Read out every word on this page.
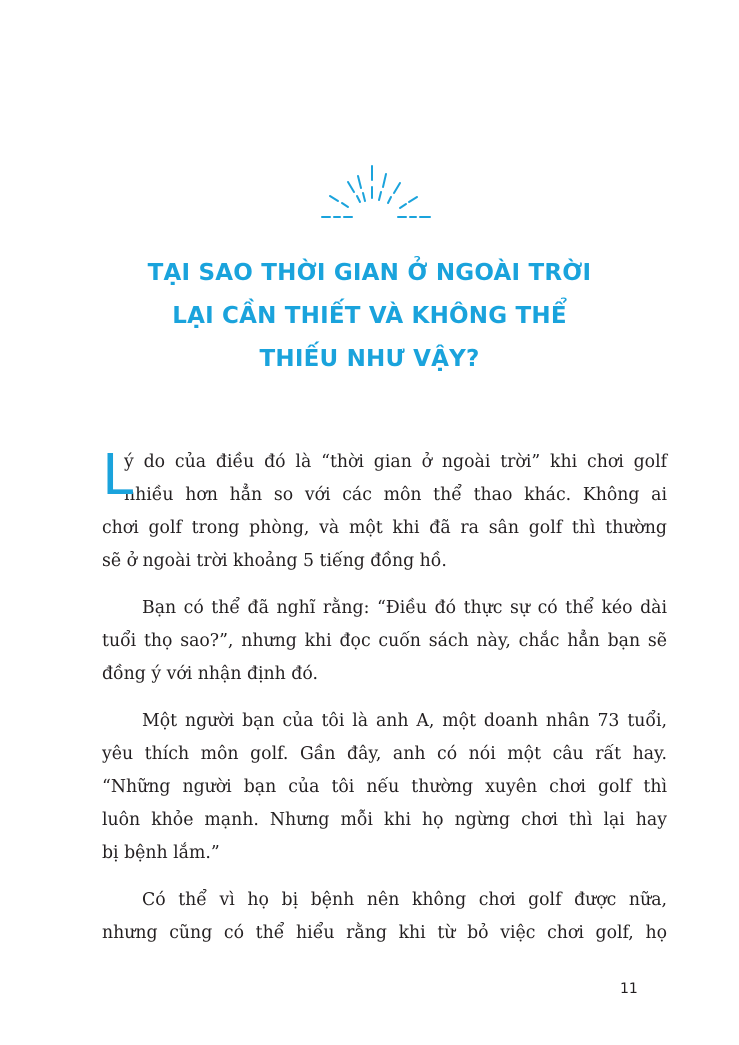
TẠI SAO THỜI GIAN Ở NGOÀI TRỜI
LẠI CẦN THIẾT VÀ KHÔNG THỂ
THIẾU NHƯ VẬY?
L
ý do của điều đó là “thời gian ở ngoài trời” khi chơi golf
nhiều hơn hẳn so với các môn thể thao khác. Không ai
chơi golf trong phòng, và một khi đã ra sân golf thì thường
sẽ ở ngoài trời khoảng 5 tiếng đồng hồ.
Bạn có thể đã nghĩ rằng: “Điều đó thực sự có thể kéo dài
tuổi thọ sao?”, nhưng khi đọc cuốn sách này, chắc hẳn bạn sẽ
đồng ý với nhận định đó.
Một người bạn của tôi là anh A, một doanh nhân 73 tuổi,
yêu thích môn golf. Gần đây, anh có nói một câu rất hay.
“Những người bạn của tôi nếu thường xuyên chơi golf thì
luôn khỏe mạnh. Nhưng mỗi khi họ ngừng chơi thì lại hay
bị bệnh lắm.”
Có thể vì họ bị bệnh nên không chơi golf được nữa,
nhưng cũng có thể hiểu rằng khi từ bỏ việc chơi golf, họ
11
